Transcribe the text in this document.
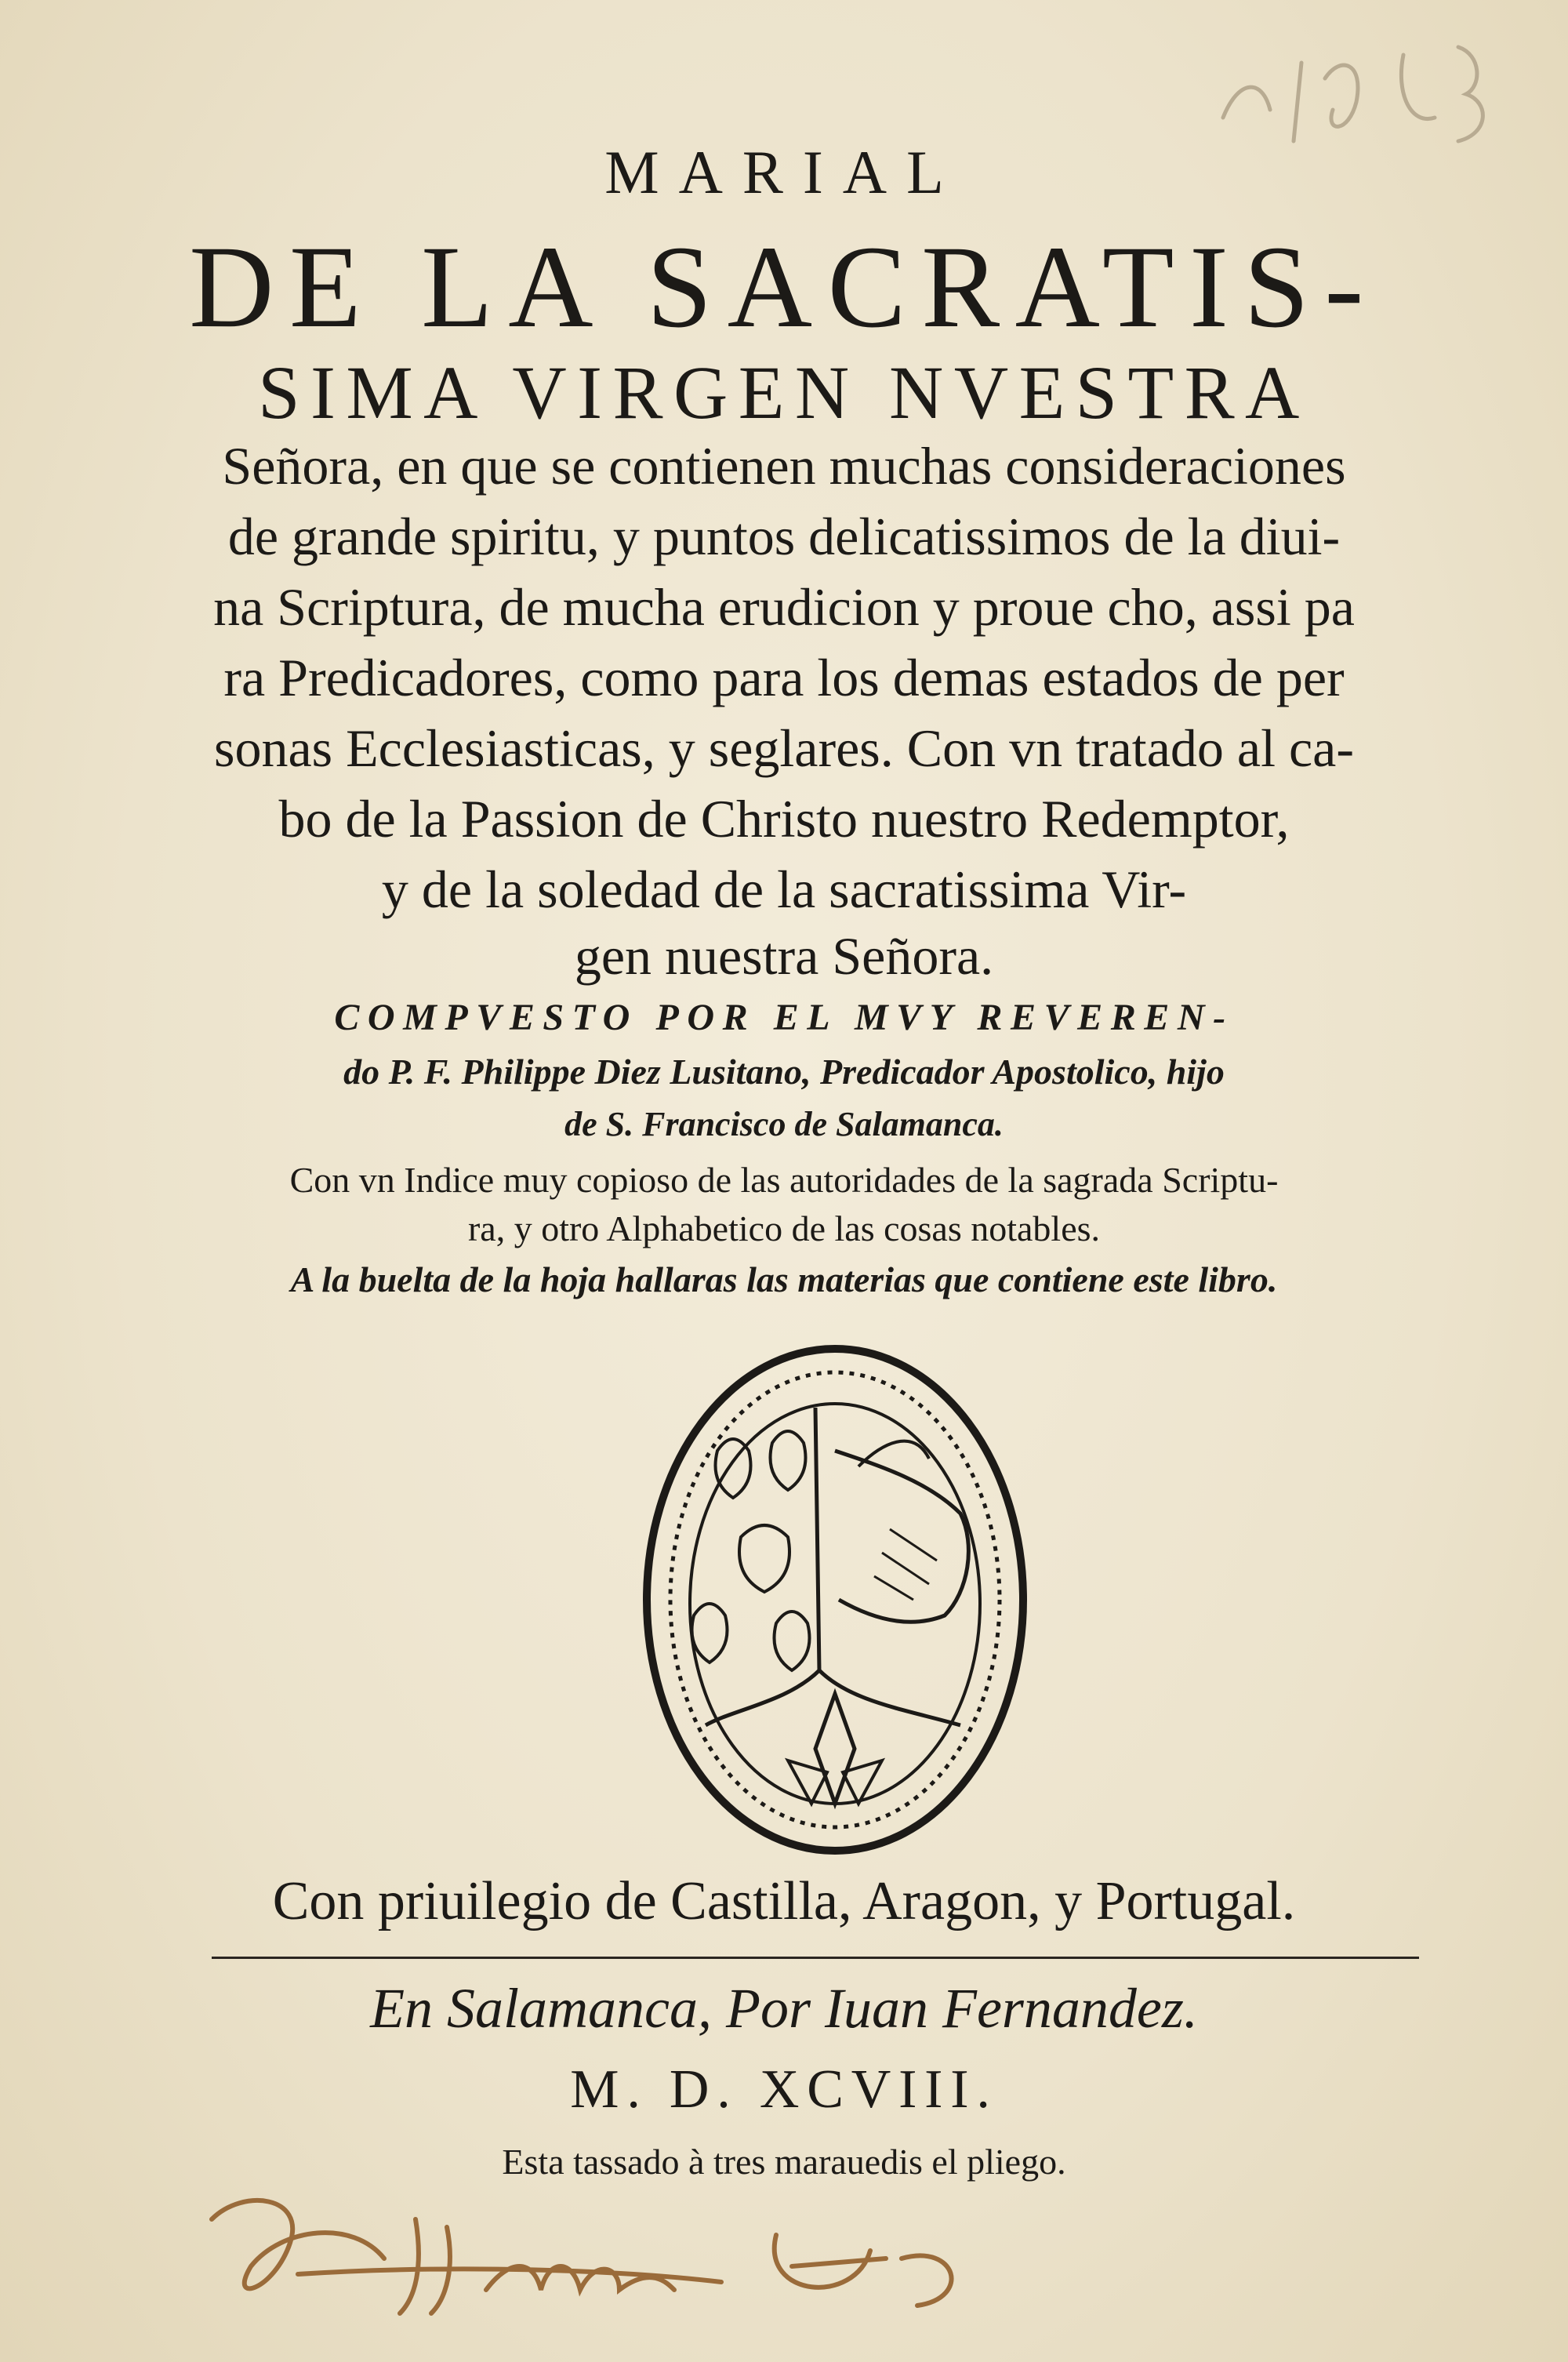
MARIAL

DE LA SACRATIS-

SIMA VIRGEN NVESTRA

Señora, en que se contienen muchas consideraciones

de grande spiritu, y puntos delicatissimos de la diui-

na Scriptura, de mucha erudicion y proue cho, assi pa

ra Predicadores, como para los demas estados de per

sonas Ecclesiasticas, y seglares. Con vn tratado al ca-

bo de la Passion de Christo nuestro Redemptor,

y de la soledad de la sacratissima Vir-

gen nuestra Señora.

COMPVESTO POR EL MVY REVEREN-

do P. F. Philippe Diez Lusitano, Predicador Apostolico, hijo

de S. Francisco de Salamanca.

Con vn Indice muy copioso de las autoridades de la sagrada Scriptu-

ra, y otro Alphabetico de las cosas notables.

A la buelta de la hoja hallaras las materias que contiene este libro.

Con priuilegio de Castilla, Aragon, y Portugal.

En Salamanca, Por Iuan Fernandez.

M. D. XCVIII.

Esta tassado à tres marauedis el pliego.
